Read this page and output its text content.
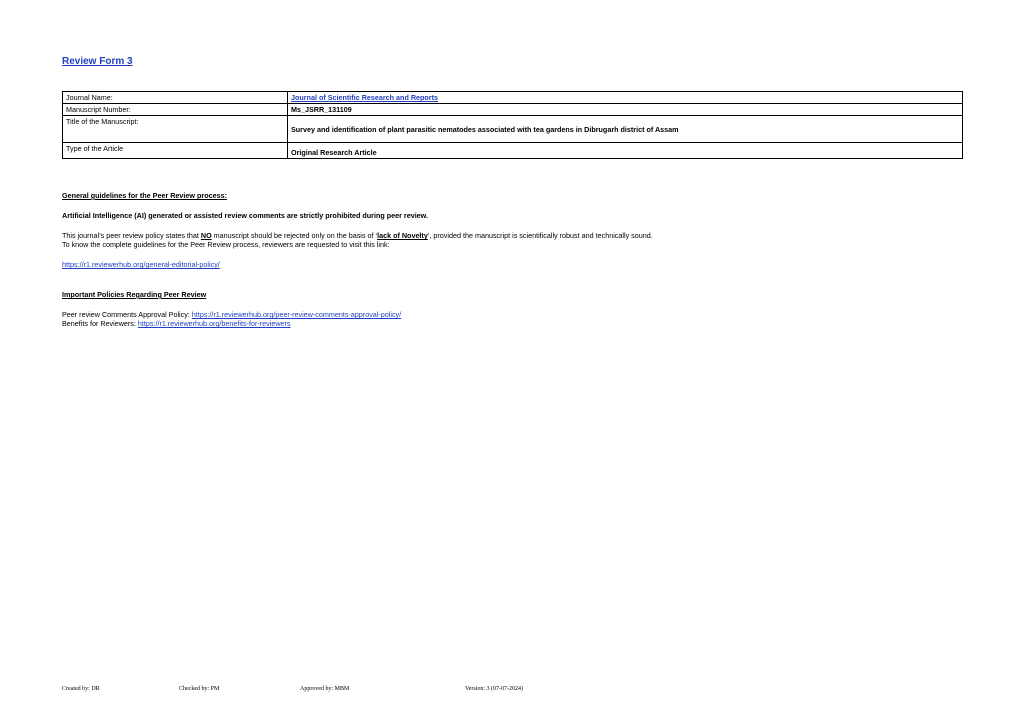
Review Form 3
Journal Name:	Journal of Scientific Research and Reports
Manuscript Number:	Ms_JSRR_131109
Title of the Manuscript:	Survey and identification of plant parasitic nematodes associated with tea gardens in Dibrugarh district of Assam
Type of the Article	Original Research Article
General guidelines for the Peer Review process:
Artificial Intelligence (AI) generated or assisted review comments are strictly prohibited during peer review.
This journal’s peer review policy states that NO manuscript should be rejected only on the basis of ‘lack of Novelty’, provided the manuscript is scientifically robust and technically sound.
To know the complete guidelines for the Peer Review process, reviewers are requested to visit this link:
https://r1.reviewerhub.org/general-editorial-policy/
Important Policies Regarding Peer Review
Peer review Comments Approval Policy: https://r1.reviewerhub.org/peer-review-comments-approval-policy/
Benefits for Reviewers: https://r1.reviewerhub.org/benefits-for-reviewers
Created by: DR	Checked by: PM	Approved by: MBM	Version: 3 (07-07-2024)
